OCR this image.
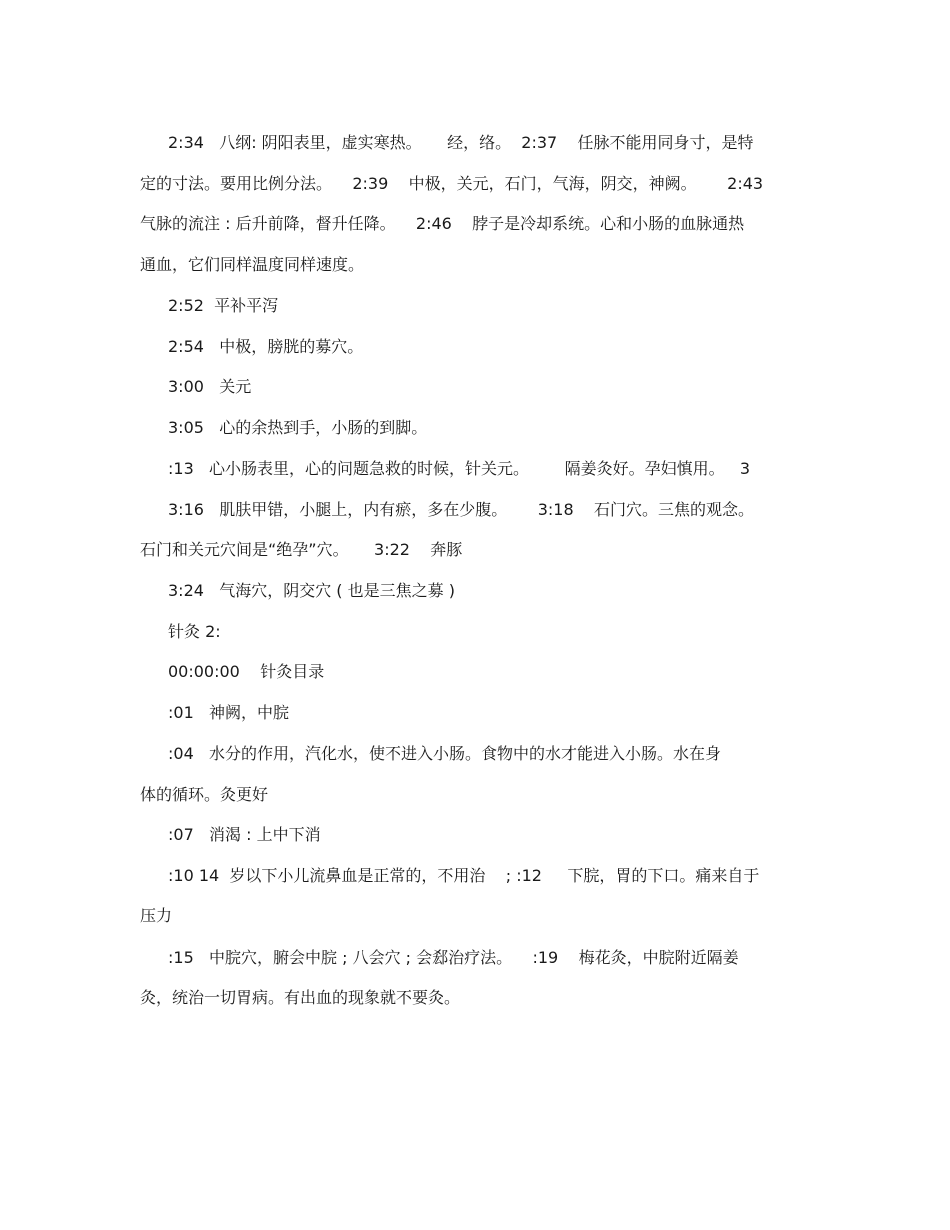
2:34   八纲: 阴阳表里，虚实寒热。     经，络。  2:37    任脉不能用同身寸，是特
定的寸法。要用比例分法。    2:39    中极，关元，石门，气海，阴交，神阙。      2:43
气脉的流注 : 后升前降，督升任降。    2:46    脖子是冷却系统。心和小肠的血脉通热
通血，它们同样温度同样速度。
2:52  平补平泻
2:54   中极，膀胱的募穴。
3:00   关元
3:05   心的余热到手，小肠的到脚。
:13   心小肠表里，心的问题急救的时候，针关元。       隔姜灸好。孕妇慎用。   3
3:16   肌肤甲错，小腿上，内有瘀，多在少腹。      3:18    石门穴。三焦的观念。
石门和关元穴间是“绝孕”穴。     3:22    奔豚
3:24   气海穴，阴交穴 ( 也是三焦之募 )
针灸 2:
00:00:00    针灸目录
:01   神阙，中脘
:04   水分的作用，汽化水，使不进入小肠。食物中的水才能进入小肠。水在身
体的循环。灸更好
:07   消渴 : 上中下消
:10 14  岁以下小儿流鼻血是正常的，不用治    ; :12     下脘，胃的下口。痛来自于
压力
:15   中脘穴，腑会中脘 ; 八会穴 ; 会郄治疗法。    :19    梅花灸，中脘附近隔姜
灸，统治一切胃病。有出血的现象就不要灸。
